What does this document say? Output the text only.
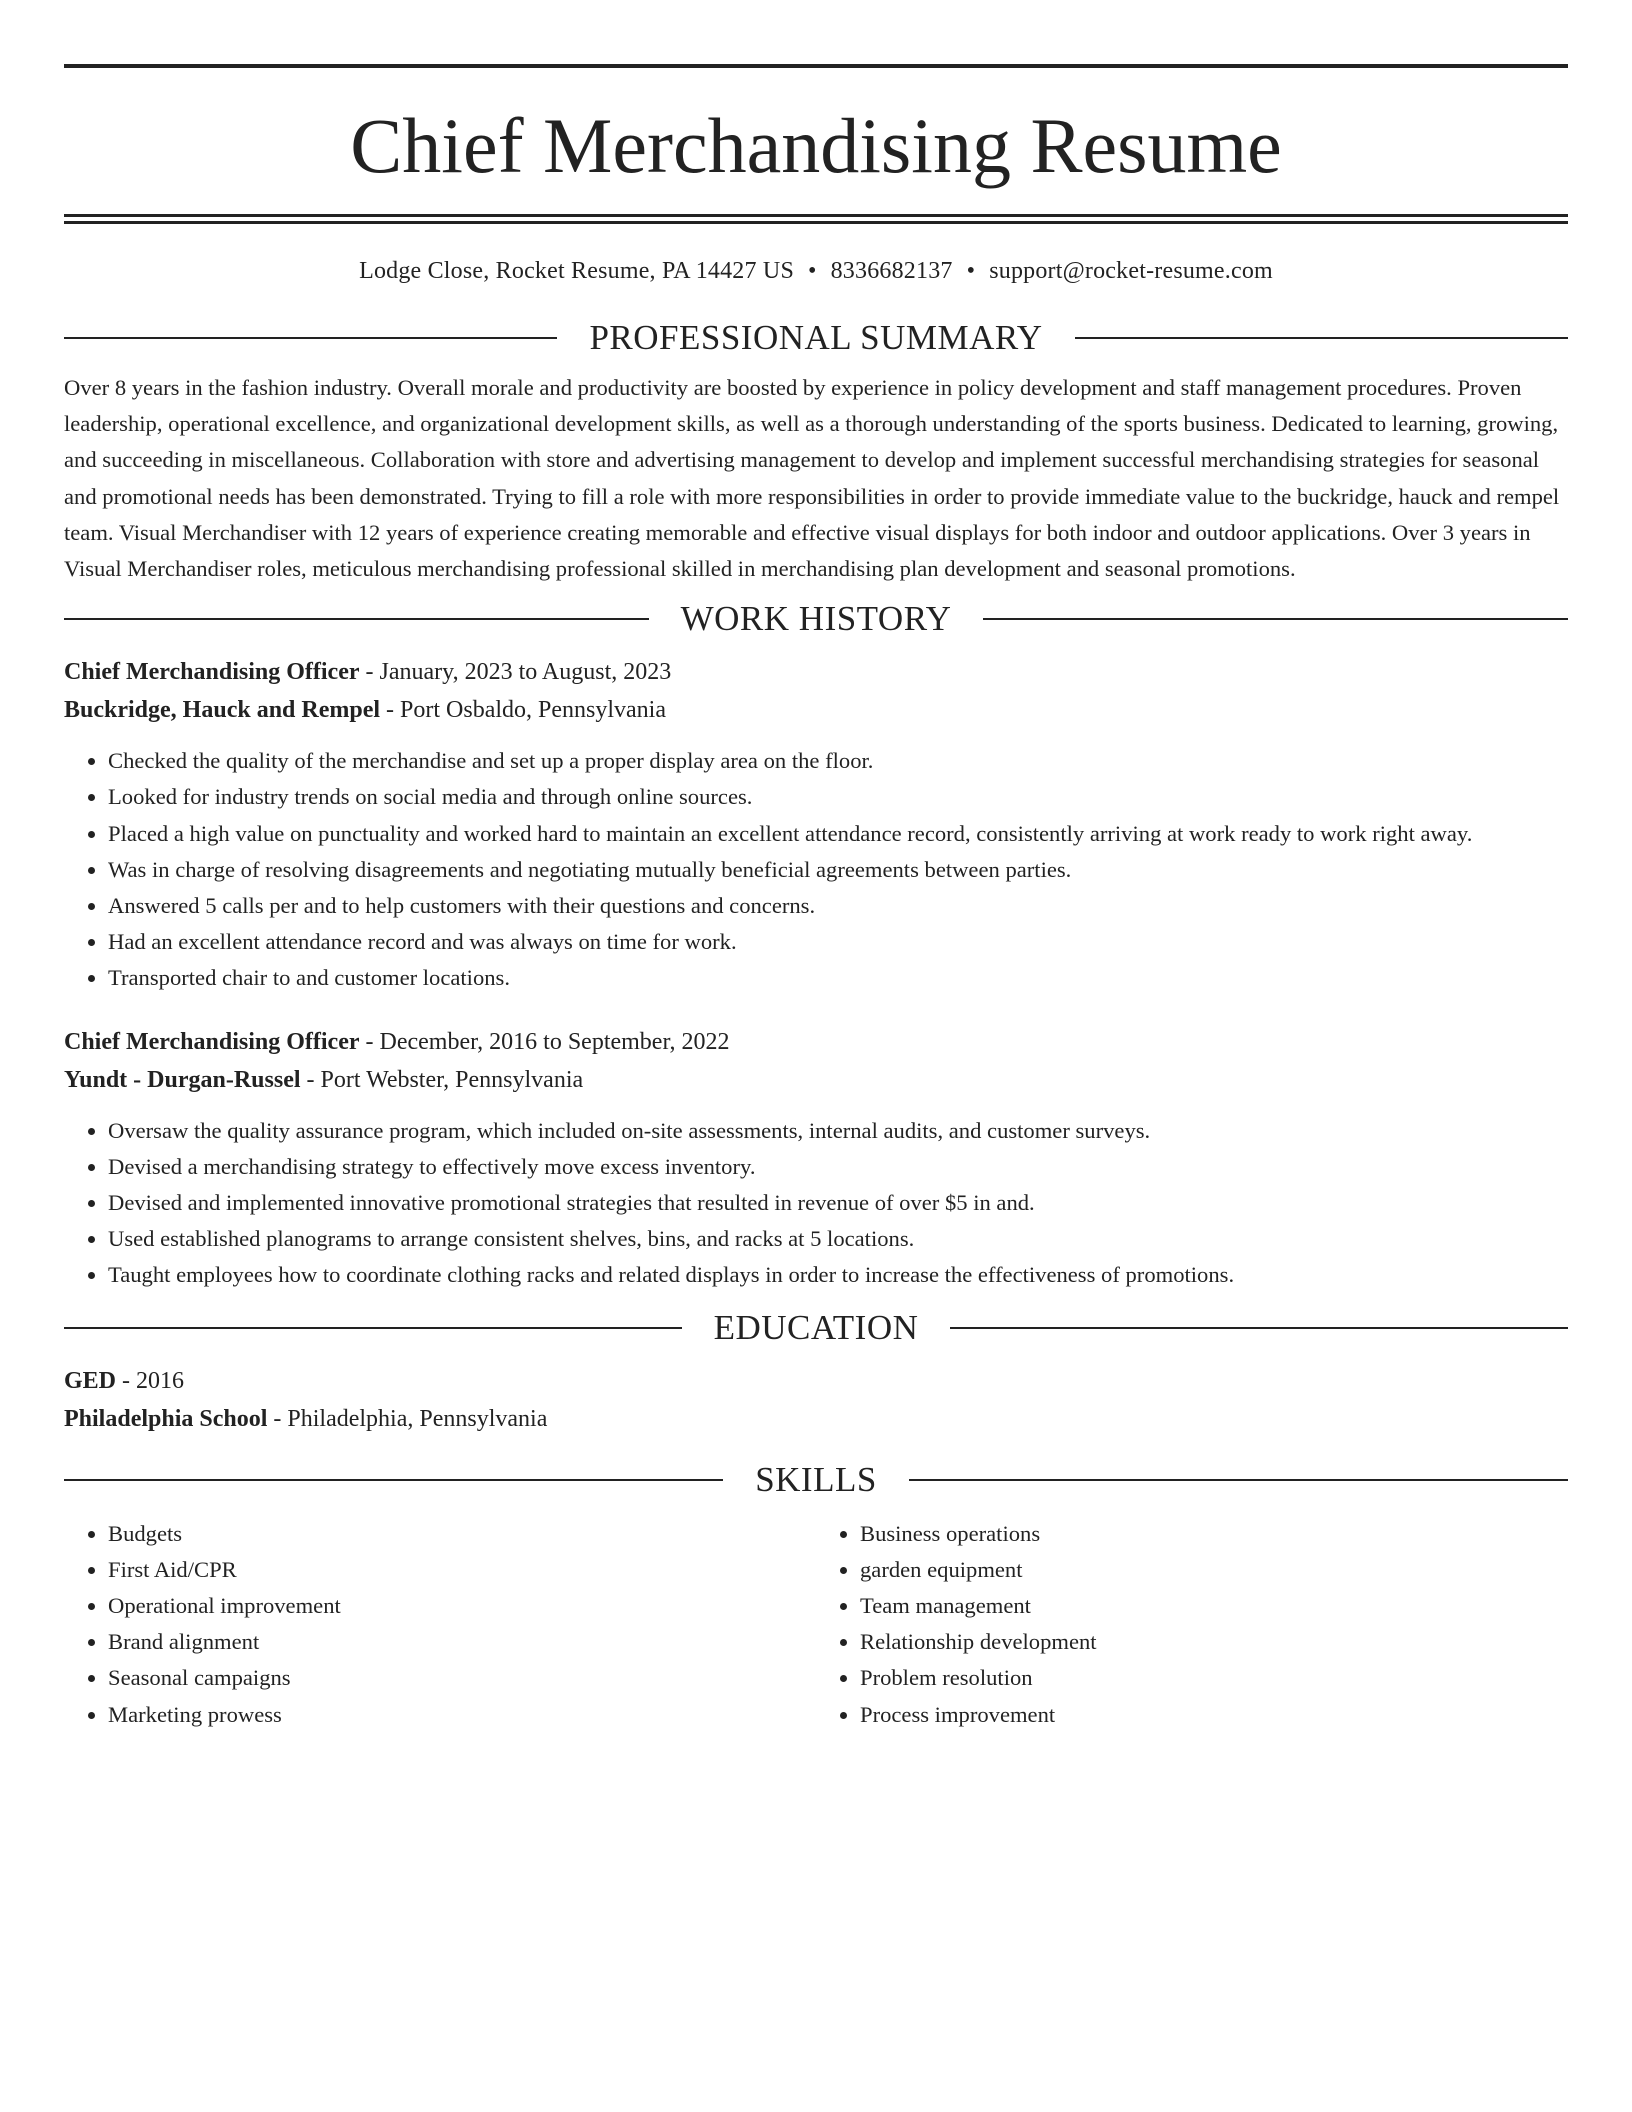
Chief Merchandising Resume
Lodge Close, Rocket Resume, PA 14427 US • 8336682137 • support@rocket-resume.com
PROFESSIONAL SUMMARY

Over 8 years in the fashion industry. Overall morale and productivity are boosted by experience in policy development and staff management procedures. Proven leadership, operational excellence, and organizational development skills, as well as a thorough understanding of the sports business. Dedicated to learning, growing, and succeeding in miscellaneous. Collaboration with store and advertising management to develop and implement successful merchandising strategies for seasonal and promotional needs has been demonstrated. Trying to fill a role with more responsibilities in order to provide immediate value to the buckridge, hauck and rempel team. Visual Merchandiser with 12 years of experience creating memorable and effective visual displays for both indoor and outdoor applications. Over 3 years in Visual Merchandiser roles, meticulous merchandising professional skilled in merchandising plan development and seasonal promotions.

WORK HISTORY
Chief Merchandising Officer - January, 2023 to August, 2023
Buckridge, Hauck and Rempel - Port Osbaldo, Pennsylvania
• Checked the quality of the merchandise and set up a proper display area on the floor.
• Looked for industry trends on social media and through online sources.
• Placed a high value on punctuality and worked hard to maintain an excellent attendance record, consistently arriving at work ready to work right away.
• Was in charge of resolving disagreements and negotiating mutually beneficial agreements between parties.
• Answered 5 calls per and to help customers with their questions and concerns.
• Had an excellent attendance record and was always on time for work.
• Transported chair to and customer locations.
Chief Merchandising Officer - December, 2016 to September, 2022
Yundt - Durgan-Russel - Port Webster, Pennsylvania
• Oversaw the quality assurance program, which included on-site assessments, internal audits, and customer surveys.
• Devised a merchandising strategy to effectively move excess inventory.
• Devised and implemented innovative promotional strategies that resulted in revenue of over $5 in and.
• Used established planograms to arrange consistent shelves, bins, and racks at 5 locations.
• Taught employees how to coordinate clothing racks and related displays in order to increase the effectiveness of promotions.
EDUCATION
GED - 2016
Philadelphia School - Philadelphia, Pennsylvania
SKILLS
• Budgets
• First Aid/CPR
• Operational improvement
• Brand alignment
• Seasonal campaigns
• Marketing prowess
• Business operations
• garden equipment
• Team management
• Relationship development
• Problem resolution
• Process improvement
